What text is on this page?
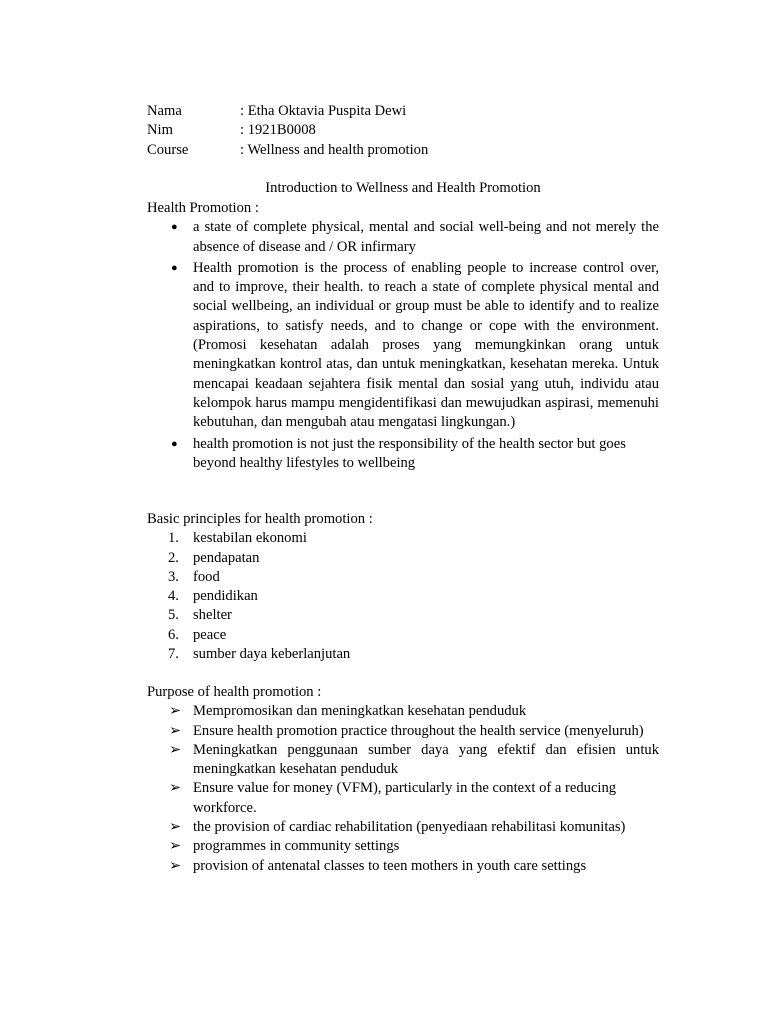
Nama	: Etha Oktavia Puspita Dewi
Nim	: 1921B0008
Course	: Wellness and health promotion
Introduction to Wellness and Health Promotion
Health Promotion :
● a state of complete physical, mental and social well-being and not merely the absence of disease and / OR infirmary
● Health promotion is the process of enabling people to increase control over, and to improve, their health. to reach a state of complete physical mental and social wellbeing, an individual or group must be able to identify and to realize aspirations, to satisfy needs, and to change or cope with the environment. (Promosi kesehatan adalah proses yang memungkinkan orang untuk meningkatkan kontrol atas, dan untuk meningkatkan, kesehatan mereka. Untuk mencapai keadaan sejahtera fisik mental dan sosial yang utuh, individu atau kelompok harus mampu mengidentifikasi dan mewujudkan aspirasi, memenuhi kebutuhan, dan mengubah atau mengatasi lingkungan.)
● health promotion is not just the responsibility of the health sector but goes beyond healthy lifestyles to wellbeing
Basic principles for health promotion :
1. kestabilan ekonomi
2. pendapatan
3. food
4. pendidikan
5. shelter
6. peace
7. sumber daya keberlanjutan
Purpose of health promotion :
➢ Mempromosikan dan meningkatkan kesehatan penduduk
➢ Ensure health promotion practice throughout the health service (menyeluruh)
➢ Meningkatkan penggunaan sumber daya yang efektif dan efisien untuk meningkatkan kesehatan penduduk
➢ Ensure value for money (VFM), particularly in the context of a reducing workforce.
➢ the provision of cardiac rehabilitation (penyediaan rehabilitasi komunitas)
➢ programmes in community settings
➢ provision of antenatal classes to teen mothers in youth care settings
